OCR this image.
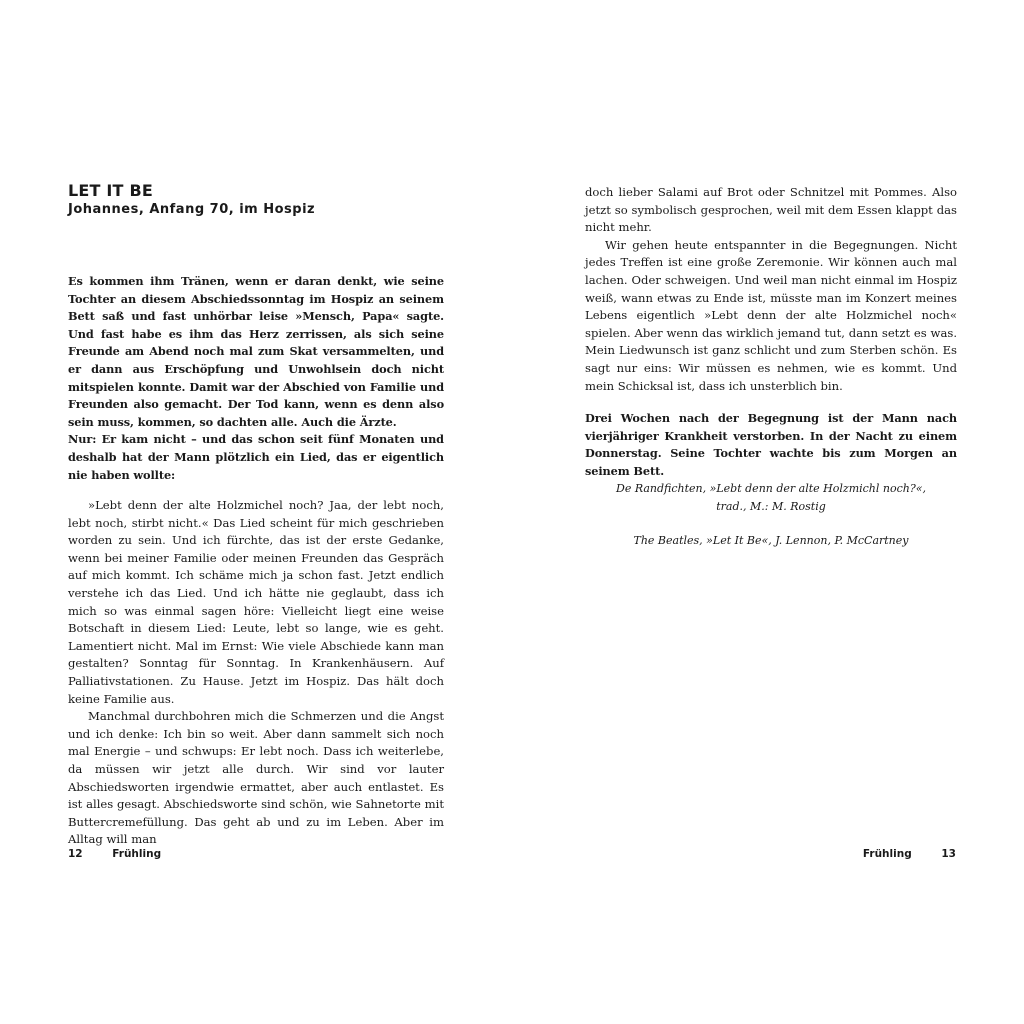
LET IT BE
Johannes, Anfang 70, im Hospiz

Es kommen ihm Tränen, wenn er daran denkt, wie seine Tochter an diesem Abschiedssonntag im Hospiz an seinem Bett saß und fast unhörbar leise »Mensch, Papa« sagte. Und fast habe es ihm das Herz zerrissen, als sich seine Freunde am Abend noch mal zum Skat versammelten, und er dann aus Erschöpfung und Unwohlsein doch nicht mitspielen konnte. Damit war der Abschied von Familie und Freunden also gemacht. Der Tod kann, wenn es denn also sein muss, kommen, so dachten alle. Auch die Ärzte.

Nur: Er kam nicht – und das schon seit fünf Monaten und deshalb hat der Mann plötzlich ein Lied, das er eigentlich nie haben wollte:

»Lebt denn der alte Holzmichel noch? Jaa, der lebt noch, lebt noch, stirbt nicht.« Das Lied scheint für mich geschrieben worden zu sein. Und ich fürchte, das ist der erste Gedanke, wenn bei meiner Familie oder meinen Freunden das Gespräch auf mich kommt. Ich schäme mich ja schon fast. Jetzt endlich verstehe ich das Lied. Und ich hätte nie geglaubt, dass ich mich so was einmal sagen höre: Vielleicht liegt eine weise Botschaft in diesem Lied: Leute, lebt so lange, wie es geht. Lamentiert nicht. Mal im Ernst: Wie viele Abschiede kann man gestalten? Sonntag für Sonntag. In Krankenhäusern. Auf Palliativstationen. Zu Hause. Jetzt im Hospiz. Das hält doch keine Familie aus.

Manchmal durchbohren mich die Schmerzen und die Angst und ich denke: Ich bin so weit. Aber dann sammelt sich noch mal Energie – und schwups: Er lebt noch. Dass ich weiterlebe, da müssen wir jetzt alle durch. Wir sind vor lauter Abschiedsworten irgendwie ermattet, aber auch entlastet. Es ist alles gesagt. Abschiedsworte sind schön, wie Sahnetorte mit Buttercremefüllung. Das geht ab und zu im Leben. Aber im Alltag will man

12	Frühling

doch lieber Salami auf Brot oder Schnitzel mit Pommes. Also jetzt so symbolisch gesprochen, weil mit dem Essen klappt das nicht mehr.

Wir gehen heute entspannter in die Begegnungen. Nicht jedes Treffen ist eine große Zeremonie. Wir können auch mal lachen. Oder schweigen. Und weil man nicht einmal im Hospiz weiß, wann etwas zu Ende ist, müsste man im Konzert meines Lebens eigentlich »Lebt denn der alte Holzmichel noch« spielen. Aber wenn das wirklich jemand tut, dann setzt es was. Mein Liedwunsch ist ganz schlicht und zum Sterben schön. Es sagt nur eins: Wir müssen es nehmen, wie es kommt. Und mein Schicksal ist, dass ich unsterblich bin.

Drei Wochen nach der Begegnung ist der Mann nach vierjähriger Krankheit verstorben. In der Nacht zu einem Donnerstag. Seine Tochter wachte bis zum Morgen an seinem Bett.

De Randfichten, »Lebt denn der alte Holzmichl noch?«,
trad., M.: M. Rostig
The Beatles, »Let It Be«, J. Lennon, P. McCartney
Frühling	13
